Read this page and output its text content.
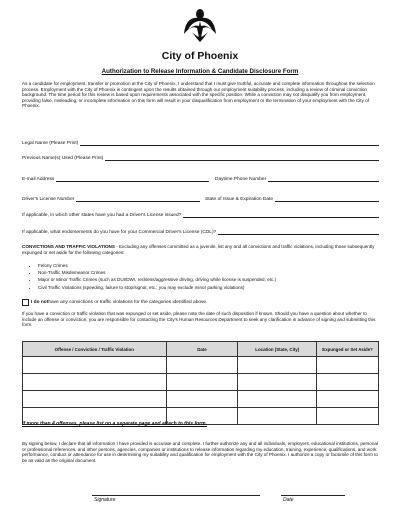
City of Phoenix
Authorization to Release Information & Candidate Disclosure Form
As a candidate for employment, transfer or promotion at the City of Phoenix, I understand that I must give truthful, accurate and complete information throughout the selection process. Employment with the City of Phoenix is contingent upon the results obtained through our employment suitability process, including a review of criminal conviction background. The time period for this review is based upon requirements associated with the specific position. While a conviction may not disqualify you from employment, providing false, misleading, or incomplete information on this form will result in your disqualification from employment or the termination of your employment with the City of Phoenix.
Legal Name (Please Print)
Previous Name(s) Used (Please Print)
E-mail Address	Daytime Phone Number
Driver's License Number	State of Issue & Expiration Date
If applicable, in which other states have you had a Driver's License issued?
If applicable, what endorsements do you have for your Commercial Driver's License (CDL)?
CONVICTIONS AND TRAFFIC VIOLATIONS - Excluding any offenses committed as a juvenile, list any and all convictions and traffic violations, including those subsequently expunged or set aside for the following categories:
• Felony Crimes
• Non-Traffic Misdemeanor Crimes
• Major or Minor Traffic Crimes (such as DUI/DWI, reckless/aggressive driving, driving while license is suspended, etc.)
• Civil Traffic Violations (speeding, failure to stop/signal, etc.; you may exclude minor parking violations)
I do not have any convictions or traffic violations for the categories identified above.
If you have a conviction or traffic violation that was expunged or set aside, please note the date of such disposition if known. Should you have a question about whether to include an offense or conviction, you are responsible for contacting the City's Human Resources Department to seek any clarification in advance of signing and submitting this form.
Offense / Conviction / Traffic Violation	Date	Location (State, City)	Expunged or Set Aside?

If more than 4 offenses, please list on a separate page and attach to this form.
By signing below, I declare that all information I have provided is accurate and complete. I further authorize any and all individuals, employers, educational institutions, personal or professional references, and other persons, agencies, companies or institutions to release information regarding my education, training, experience, qualifications, and work performance, conduct or attendance for use in determining my suitability and qualification for employment with the City of Phoenix. I authorize a copy or facsimile of this form to be as valid as the original document.
Signature	Date
